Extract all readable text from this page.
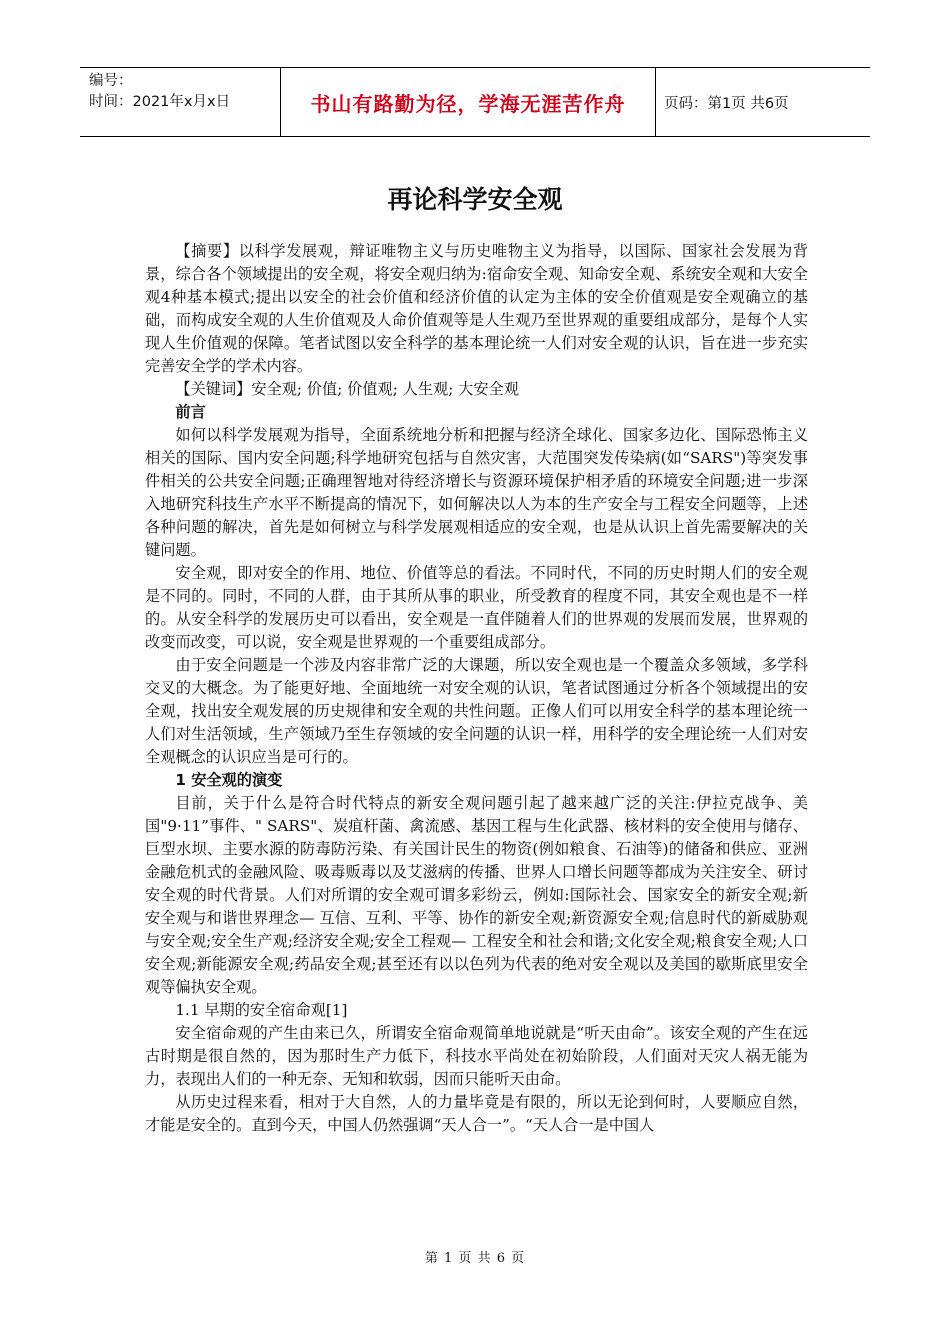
编号：
时间：2021年x月x日	书山有路勤为径，学海无涯苦作舟	页码：第1页 共6页
再论科学安全观

【摘要】以科学发展观，辩证唯物主义与历史唯物主义为指导，以国际、国家社会发展为背景，综合各个领域提出的安全观，将安全观归纳为:宿命安全观、知命安全观、系统安全观和大安全观4种基本模式;提出以安全的社会价值和经济价值的认定为主体的安全价值观是安全观确立的基础，而构成安全观的人生价值观及人命价值观等是人生观乃至世界观的重要组成部分，是每个人实现人生价值观的保障。笔者试图以安全科学的基本理论统一人们对安全观的认识，旨在进一步充实完善安全学的学术内容。

【关键词】安全观; 价值; 价值观; 人生观; 大安全观

前言

如何以科学发展观为指导，全面系统地分析和把握与经济全球化、国家多边化、国际恐怖主义相关的国际、国内安全问题;科学地研究包括与自然灾害，大范围突发传染病(如“SARS")等突发事件相关的公共安全问题;正确理智地对待经济增长与资源环境保护相矛盾的环境安全问题;进一步深入地研究科技生产水平不断提高的情况下，如何解决以人为本的生产安全与工程安全问题等，上述各种问题的解决，首先是如何树立与科学发展观相适应的安全观，也是从认识上首先需要解决的关键问题。

安全观，即对安全的作用、地位、价值等总的看法。不同时代，不同的历史时期人们的安全观是不同的。同时，不同的人群，由于其所从事的职业，所受教育的程度不同，其安全观也是不一样的。从安全科学的发展历史可以看出，安全观是一直伴随着人们的世界观的发展而发展，世界观的改变而改变，可以说，安全观是世界观的一个重要组成部分。

由于安全问题是一个涉及内容非常广泛的大课题，所以安全观也是一个覆盖众多领域，多学科交叉的大概念。为了能更好地、全面地统一对安全观的认识，笔者试图通过分析各个领域提出的安全观，找出安全观发展的历史规律和安全观的共性问题。正像人们可以用安全科学的基本理论统一人们对生活领域，生产领域乃至生存领域的安全问题的认识一样，用科学的安全理论统一人们对安全观概念的认识应当是可行的。

1 安全观的演变

目前，关于什么是符合时代特点的新安全观问题引起了越来越广泛的关注:伊拉克战争、美国"9·11”事件、" SARS"、炭疽杆菌、禽流感、基因工程与生化武器、核材料的安全使用与储存、巨型水坝、主要水源的防毒防污染、有关国计民生的物资(例如粮食、石油等)的储备和供应、亚洲金融危机式的金融风险、吸毒贩毒以及艾滋病的传播、世界人口增长问题等都成为关注安全、研讨安全观的时代背景。人们对所谓的安全观可谓多彩纷云，例如:国际社会、国家安全的新安全观;新安全观与和谐世界理念— 互信、互利、平等、协作的新安全观;新资源安全观;信息时代的新威胁观与安全观;安全生产观;经济安全观;安全工程观— 工程安全和社会和谐;文化安全观;粮食安全观;人口安全观;新能源安全观;药品安全观;甚至还有以以色列为代表的绝对安全观以及美国的歇斯底里安全观等偏执安全观。

1.1 早期的安全宿命观[1]

安全宿命观的产生由来已久，所谓安全宿命观简单地说就是“听天由命”。该安全观的产生在远古时期是很自然的，因为那时生产力低下，科技水平尚处在初始阶段，人们面对天灾人祸无能为力，表现出人们的一种无奈、无知和软弱，因而只能听天由命。

从历史过程来看，相对于大自然，人的力量毕竟是有限的，所以无论到何时，人要顺应自然，才能是安全的。直到今天，中国人仍然强调“天人合一”。“天人合一是中国人

第 1 页 共 6 页
